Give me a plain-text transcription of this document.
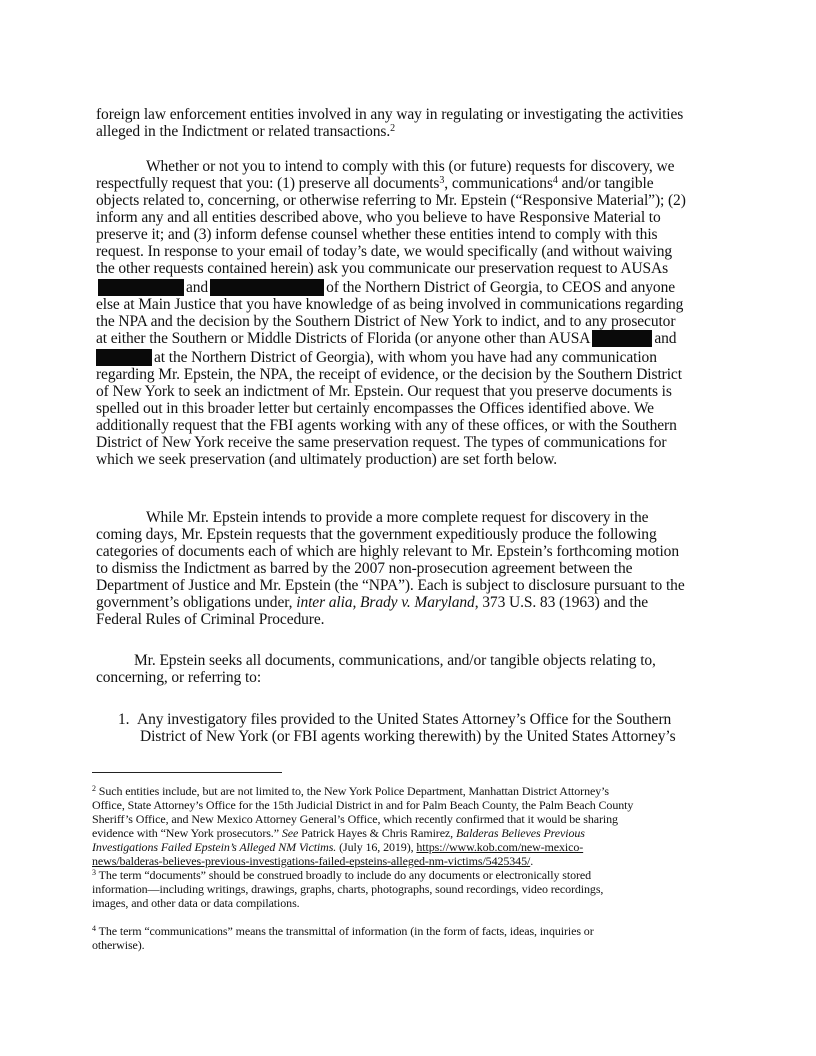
foreign law enforcement entities involved in any way in regulating or investigating the activities
alleged in the Indictment or related transactions.$^2$
Whether or not you to intend to comply with this (or future) requests for discovery, we
respectfully request that you: (1) preserve all documents$^3$, communications$^4$ and/or tangible
objects related to, concerning, or otherwise referring to Mr. Epstein (“Responsive Material”); (2)
inform any and all entities described above, who you believe to have Responsive Material to
preserve it; and (3) inform defense counsel whether these entities intend to comply with this
request. In response to your email of today’s date, we would specifically (and without waiving
the other requests contained herein) ask you communicate our preservation request to AUSAs
and	of the Northern District of Georgia, to CEOS and anyone
else at Main Justice that you have knowledge of as being involved in communications regarding
the NPA and the decision by the Southern District of New York to indict, and to any prosecutor
at either the Southern or Middle Districts of Florida (or anyone other than AUSA	and
at the Northern District of Georgia), with whom you have had any communication
regarding Mr. Epstein, the NPA, the receipt of evidence, or the decision by the Southern District
of New York to seek an indictment of Mr. Epstein. Our request that you preserve documents is
spelled out in this broader letter but certainly encompasses the Offices identified above. We
additionally request that the FBI agents working with any of these offices, or with the Southern
District of New York receive the same preservation request. The types of communications for
which we seek preservation (and ultimately production) are set forth below.
While Mr. Epstein intends to provide a more complete request for discovery in the
coming days, Mr. Epstein requests that the government expeditiously produce the following
categories of documents each of which are highly relevant to Mr. Epstein’s forthcoming motion
to dismiss the Indictment as barred by the 2007 non-prosecution agreement between the
Department of Justice and Mr. Epstein (the “NPA”). Each is subject to disclosure pursuant to the
government’s obligations under, inter alia, Brady v. Maryland, 373 U.S. 83 (1963) and the
Federal Rules of Criminal Procedure.
Mr. Epstein seeks all documents, communications, and/or tangible objects relating to,
concerning, or referring to:
1. Any investigatory files provided to the United States Attorney’s Office for the Southern
District of New York (or FBI agents working therewith) by the United States Attorney’s
$^2$ Such entities include, but are not limited to, the New York Police Department, Manhattan District Attorney’s
Office, State Attorney’s Office for the 15th Judicial District in and for Palm Beach County, the Palm Beach County
Sheriff’s Office, and New Mexico Attorney General’s Office, which recently confirmed that it would be sharing
evidence with “New York prosecutors.” See Patrick Hayes & Chris Ramirez, Balderas Believes Previous
Investigations Failed Epstein’s Alleged NM Victims. (July 16, 2019), https://www.kob.com/new-mexico-
news/balderas-believes-previous-investigations-failed-epsteins-alleged-nm-victims/5425345/.
$^3$ The term “documents” should be construed broadly to include do any documents or electronically stored
information—including writings, drawings, graphs, charts, photographs, sound recordings, video recordings,
images, and other data or data compilations.
$^4$ The term “communications” means the transmittal of information (in the form of facts, ideas, inquiries or
otherwise).
